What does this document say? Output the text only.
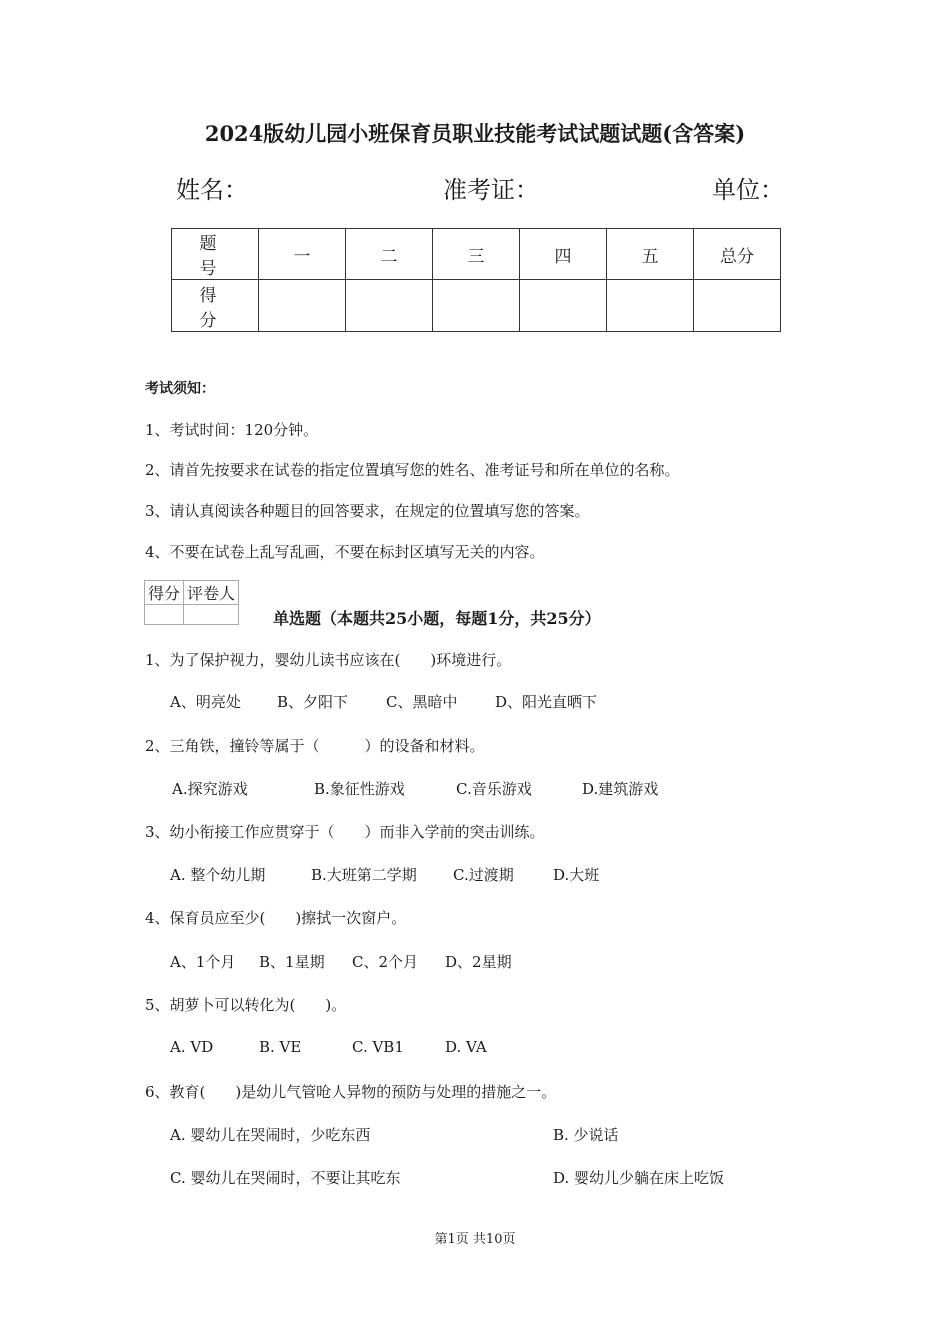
2024版幼儿园小班保育员职业技能考试试题试题(含答案)
姓名：	准考证：	单位：
题　号	一	二	三	四	五	总分
得　分						
考试须知：
1、考试时间：120分钟。
2、请首先按要求在试卷的指定位置填写您的姓名、准考证号和所在单位的名称。
3、请认真阅读各种题目的回答要求，在规定的位置填写您的答案。
4、不要在试卷上乱写乱画，不要在标封区填写无关的内容。
得分	评卷人

单选题（本题共25小题，每题1分，共25分）
1、为了保护视力，婴幼儿读书应该在(　　)环境进行。
A、明亮处 B、夕阳下	C、黑暗中	D、阳光直晒下
2、三角铁，撞铃等属于（　　　）的设备和材料。
A.探究游戏	B.象征性游戏	C.音乐游戏	D.建筑游戏
3、幼小衔接工作应贯穿于（　　）而非入学前的突击训练。
A. 整个幼儿期	B.大班第二学期 C.过渡期	D.大班
4、保育员应至少(　　)擦拭一次窗户。
A、1个月 B、1星期 C、2个月 D、2星期
5、胡萝卜可以转化为(　　)。
A. VD	B. VE	C. VB1	D. VA
6、教育(　　)是幼儿气管呛人异物的预防与处理的措施之一。
A. 婴幼儿在哭闹时，少吃东西	B. 少说话
C. 婴幼儿在哭闹时，不要让其吃东	D. 婴幼儿少躺在床上吃饭
第1页 共10页
